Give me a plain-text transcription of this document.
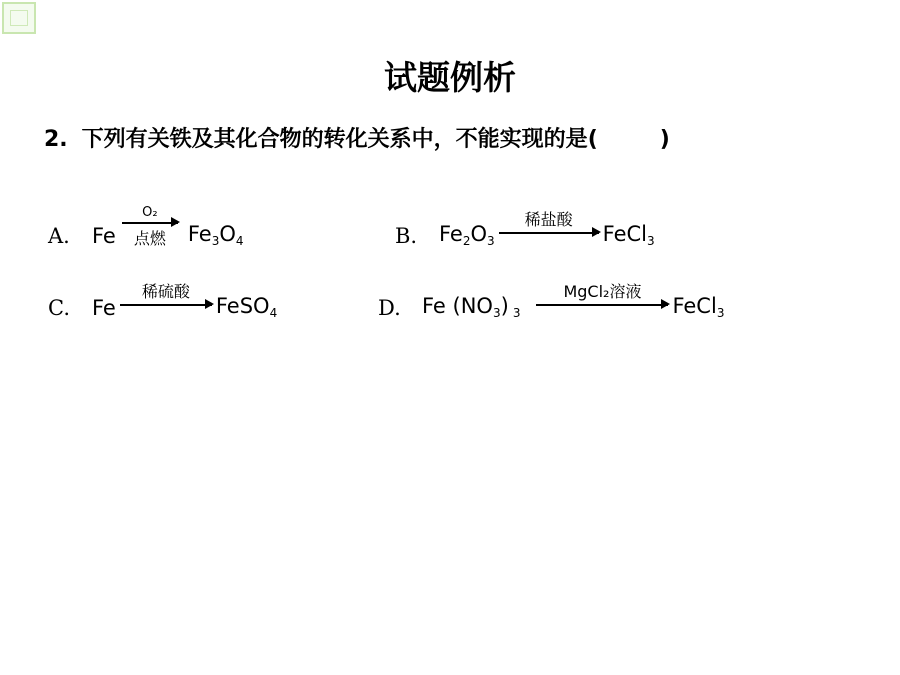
试题例析
2. 下列有关铁及其化合物的转化关系中，不能实现的是(	)
A.	Fe
O₂
点燃	$Fe_3O_4$	B.	$Fe_2O_3$
稀盐酸
FeCl$_3$
C.	Fe
稀硫酸
FeSO$_4$	D.	Fe $(NO_3)$ $_3$
MgCl₂溶液
FeCl$_3$
